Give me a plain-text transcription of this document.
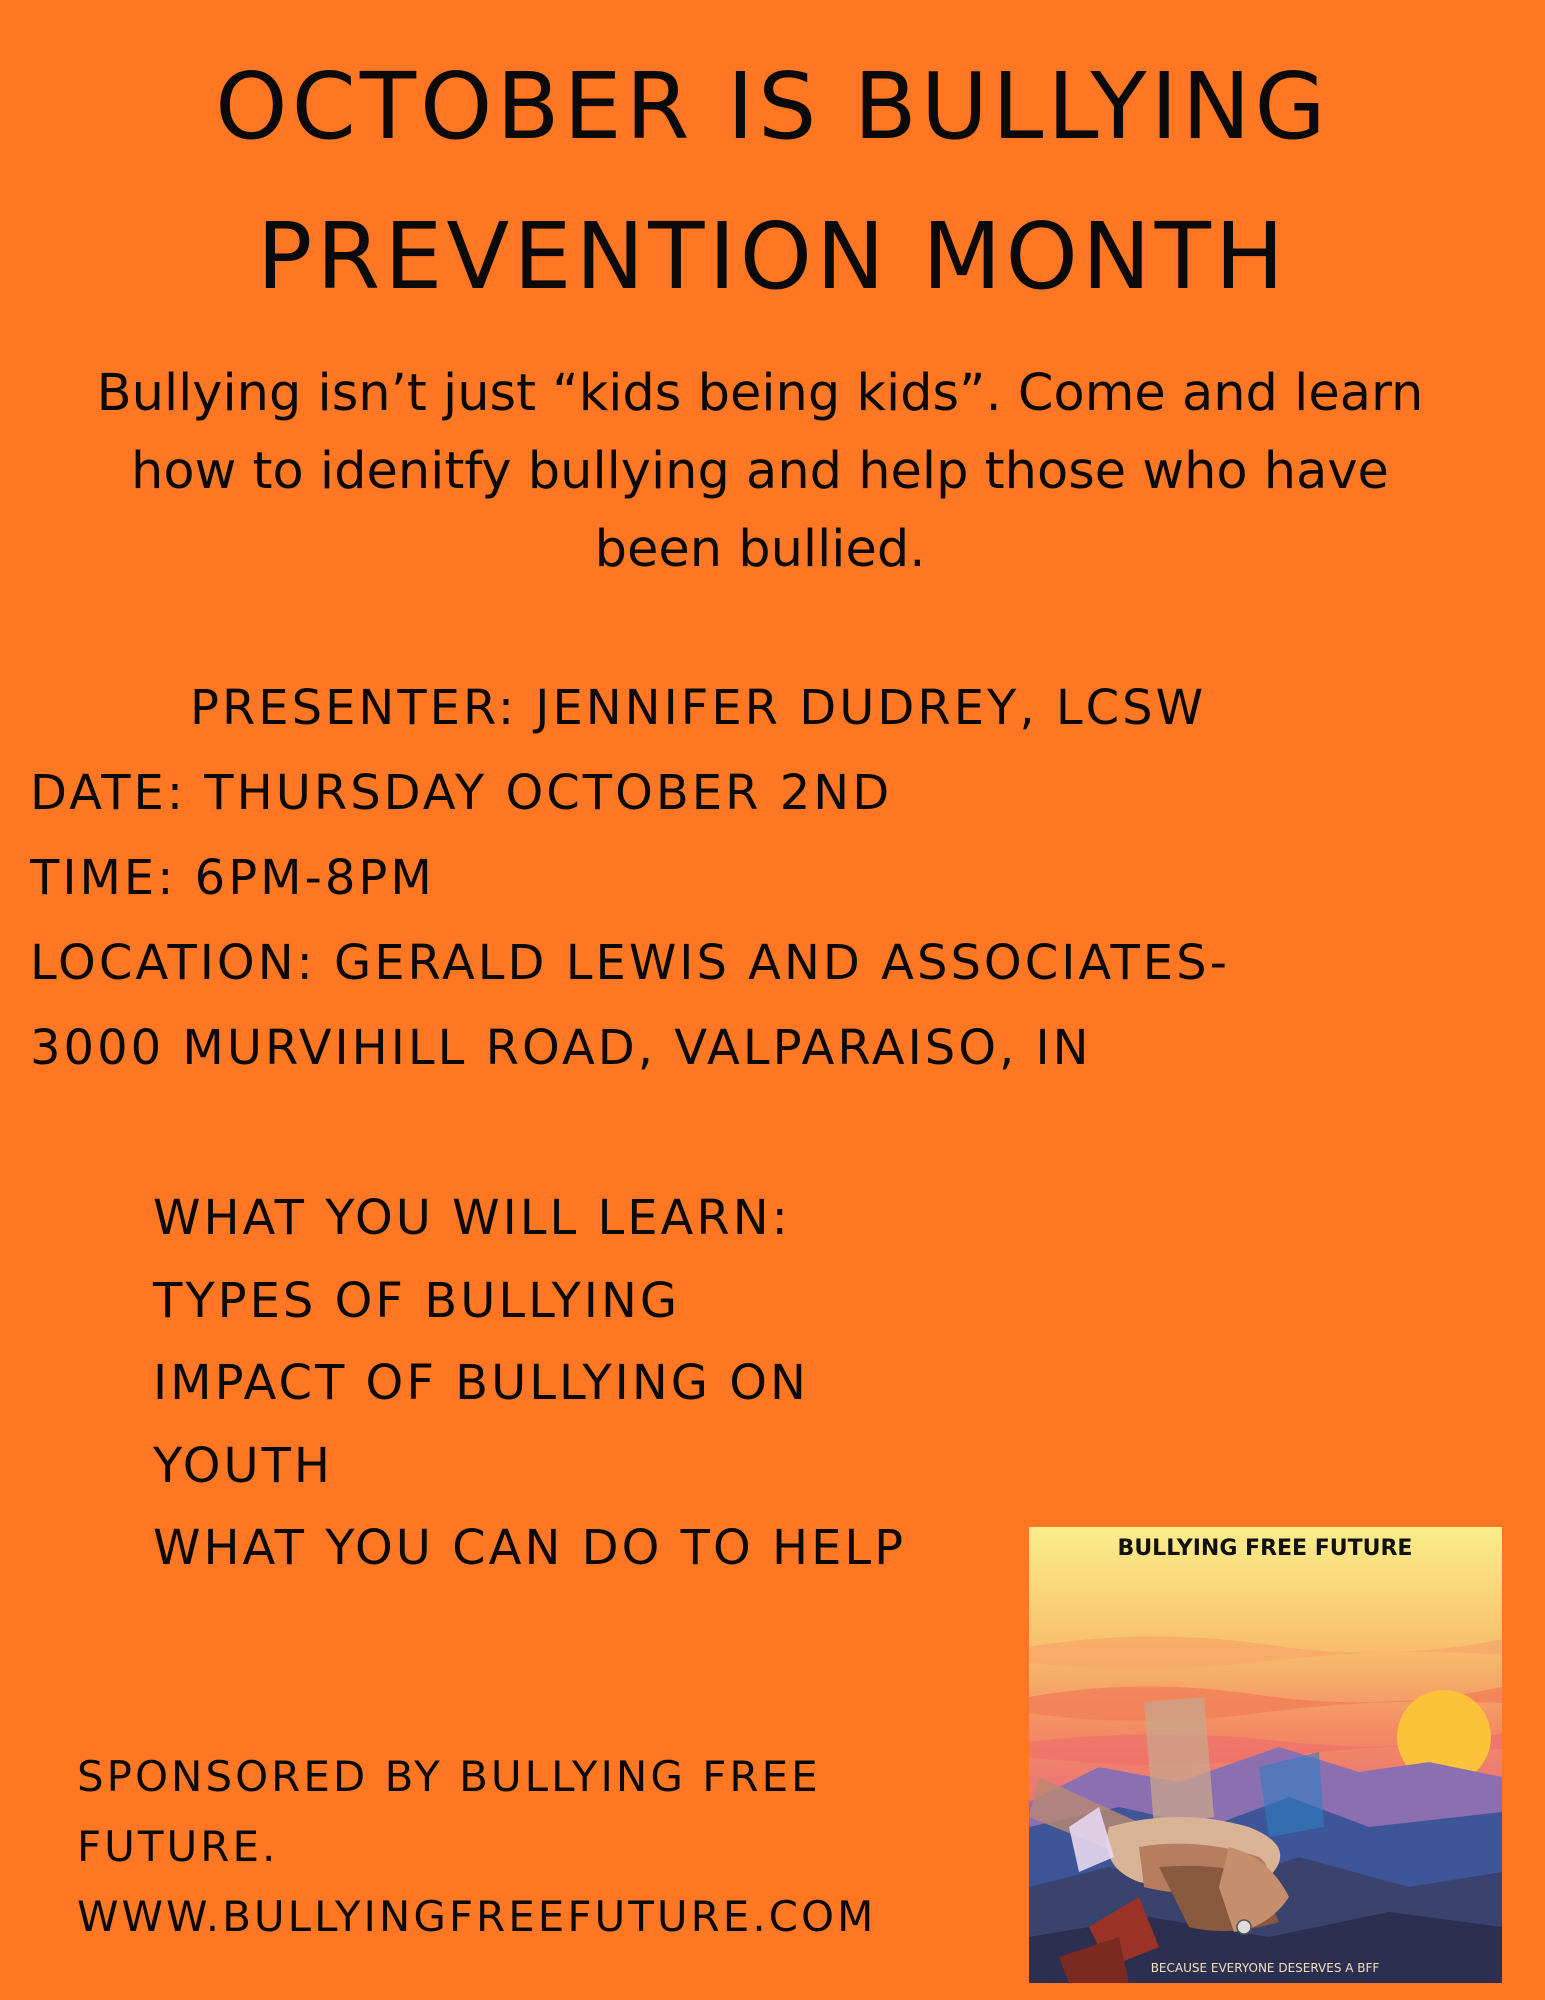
OCTOBER IS BULLYING
PREVENTION MONTH
Bullying isn’t just “kids being kids”. Come and learn
how to idenitfy bullying and help those who have
been bullied.
PRESENTER: JENNIFER DUDREY, LCSW
DATE: THURSDAY OCTOBER 2ND
TIME: 6PM-8PM
LOCATION: GERALD LEWIS AND ASSOCIATES-
3000 MURVIHILL ROAD, VALPARAISO, IN
WHAT YOU WILL LEARN:
TYPES OF BULLYING
IMPACT OF BULLYING ON
YOUTH
WHAT YOU CAN DO TO HELP
SPONSORED BY BULLYING FREE
FUTURE.
WWW.BULLYINGFREEFUTURE.COM
BULLYING FREE FUTURE
BECAUSE EVERYONE DESERVES A BFF
